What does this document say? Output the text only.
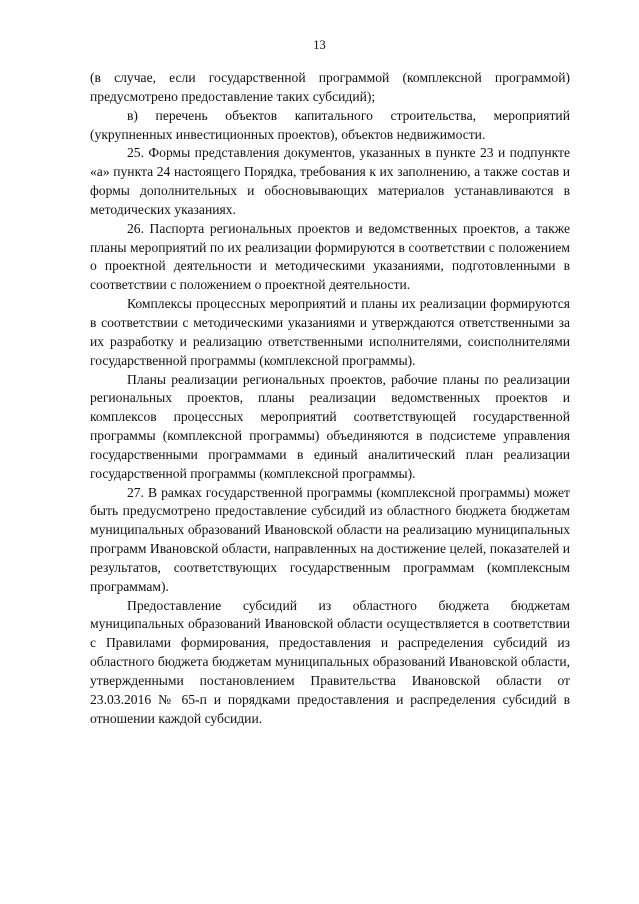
13

(в случае, если государственной программой (комплексной программой) предусмотрено предоставление таких субсидий);

в) перечень объектов капитального строительства, мероприятий (укрупненных инвестиционных проектов), объектов недвижимости.

25. Формы представления документов, указанных в пункте 23 и подпункте «а» пункта 24 настоящего Порядка, требования к их заполнению, а также состав и формы дополнительных и обосновывающих материалов устанавливаются в методических указаниях.

26. Паспорта региональных проектов и ведомственных проектов, а также планы мероприятий по их реализации формируются в соответствии с положением о проектной деятельности и методическими указаниями, подготовленными в соответствии с положением о проектной деятельности.

Комплексы процессных мероприятий и планы их реализации формируются в соответствии с методическими указаниями и утверждаются ответственными за их разработку и реализацию ответственными исполнителями, соисполнителями государственной программы (комплексной программы).

Планы реализации региональных проектов, рабочие планы по реализации региональных проектов, планы реализации ведомственных проектов и комплексов процессных мероприятий соответствующей государственной программы (комплексной программы) объединяются в подсистеме управления государственными программами в единый аналитический план реализации государственной программы (комплексной программы).

27. В рамках государственной программы (комплексной программы) может быть предусмотрено предоставление субсидий из областного бюджета бюджетам муниципальных образований Ивановской области на реализацию муниципальных программ Ивановской области, направленных на достижение целей, показателей и результатов, соответствующих государственным программам (комплексным программам).

Предоставление субсидий из областного бюджета бюджетам муниципальных образований Ивановской области осуществляется в соответствии с Правилами формирования, предоставления и распределения субсидий из областного бюджета бюджетам муниципальных образований Ивановской области, утвержденными постановлением Правительства Ивановской области от 23.03.2016 № 65-п и порядками предоставления и распределения субсидий в отношении каждой субсидии.
